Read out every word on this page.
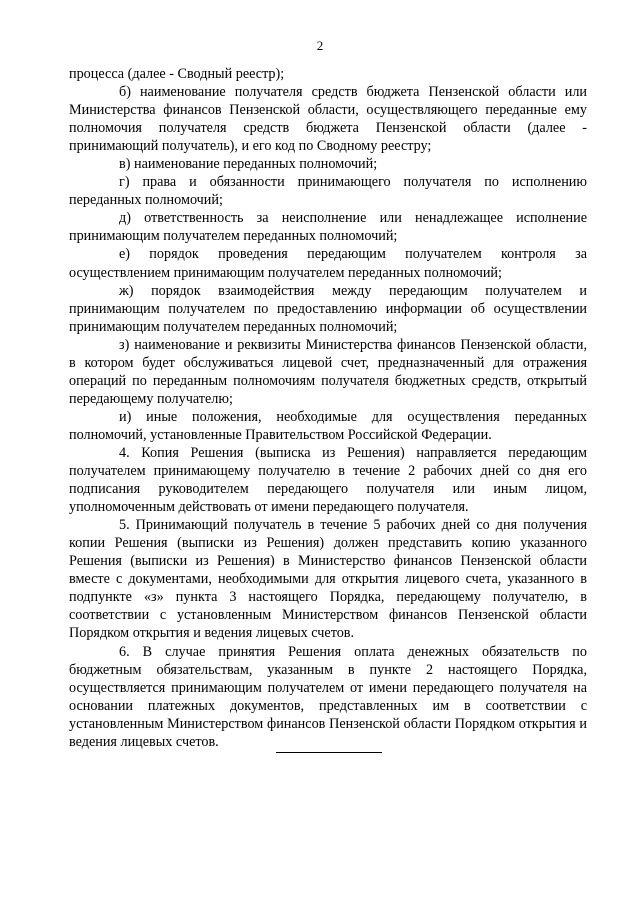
2

процесса (далее - Сводный реестр);

б) наименование получателя средств бюджета Пензенской области или Министерства финансов Пензенской области, осуществляющего переданные ему полномочия получателя средств бюджета Пензенской области (далее - принимающий получатель), и его код по Сводному реестру;

в) наименование переданных полномочий;

г) права и обязанности принимающего получателя по исполнению переданных полномочий;

д) ответственность за неисполнение или ненадлежащее исполнение принимающим получателем переданных полномочий;

е) порядок проведения передающим получателем контроля за осуществлением принимающим получателем переданных полномочий;

ж) порядок взаимодействия между передающим получателем и принимающим получателем по предоставлению информации об осуществлении принимающим получателем переданных полномочий;

з) наименование и реквизиты Министерства финансов Пензенской области, в котором будет обслуживаться лицевой счет, предназначенный для отражения операций по переданным полномочиям получателя бюджетных средств, открытый передающему получателю;

и) иные положения, необходимые для осуществления переданных полномочий, установленные Правительством Российской Федерации.

4. Копия Решения (выписка из Решения) направляется передающим получателем принимающему получателю в течение 2 рабочих дней со дня его подписания руководителем передающего получателя или иным лицом, уполномоченным действовать от имени передающего получателя.

5. Принимающий получатель в течение 5 рабочих дней со дня получения копии Решения (выписки из Решения) должен представить копию указанного Решения (выписки из Решения) в Министерство финансов Пензенской области вместе с документами, необходимыми для открытия лицевого счета, указанного в подпункте «з» пункта 3 настоящего Порядка, передающему получателю, в соответствии с установленным Министерством финансов Пензенской области Порядком открытия и ведения лицевых счетов.

6. В случае принятия Решения оплата денежных обязательств по бюджетным обязательствам, указанным в пункте 2 настоящего Порядка, осуществляется принимающим получателем от имени передающего получателя на основании платежных документов, представленных им в соответствии с установленным Министерством финансов Пензенской области Порядком открытия и ведения лицевых счетов.
